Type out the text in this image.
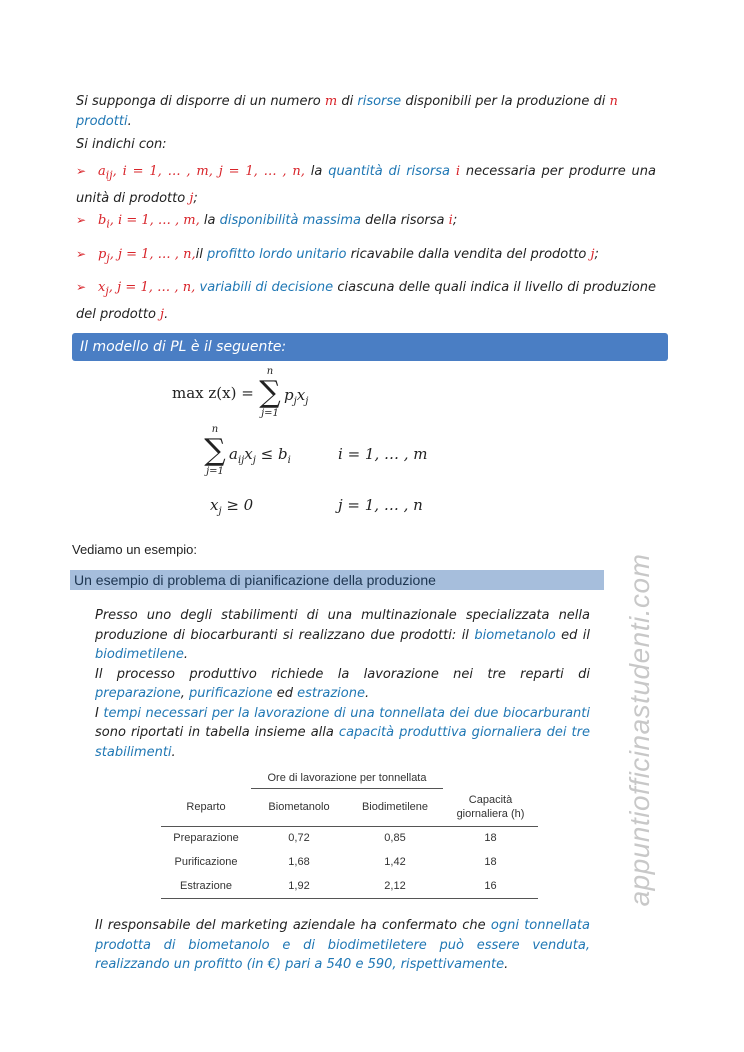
Si supponga di disporre di un numero m di risorse disponibili per la produzione di n
prodotti.
Si indichi con:
➢ $a_{ij}$, i = 1, … , m, j = 1, … , n, la quantità di risorsa i necessaria per produrre una unità di prodotto j;
➢ $b_i$, i = 1, … , m, la disponibilità massima della risorsa i;
➢ $p_j$, j = 1, … , n,il profitto lordo unitario ricavabile dalla vendita del prodotto j;
➢ $x_j$, j = 1, … , n, variabili di decisione ciascuna delle quali indica il livello di produzione del prodotto j.
Il modello di PL è il seguente:
max z(x) =
n
∑
j=1
$p_jx_j$
n
∑
j=1
$a_{ij}x_j \le b_i$	i = 1, … , m
$x_j \ge 0$	j = 1, … , n
Vediamo un esempio:
Un esempio di problema di pianificazione della produzione
Presso uno degli stabilimenti di una multinazionale specializzata nella produzione di biocarburanti si realizzano due prodotti: il biometanolo ed il biodimetilene.
Il processo produttivo richiede la lavorazione nei tre reparti di preparazione, purificazione ed estrazione.
I tempi necessari per la lavorazione di una tonnellata dei due biocarburanti sono riportati in tabella insieme alla capacità produttiva giornaliera dei tre stabilimenti.
	Ore di lavorazione per tonnellata		
Reparto	Biometanolo	Biodimetilene	Capacità giornaliera (h)
Preparazione	0,72	0,85	18
Purificazione	1,68	1,42	18
Estrazione	1,92	2,12	16
Il responsabile del marketing aziendale ha confermato che ogni tonnellata prodotta di biometanolo e di biodimetiletere può essere venduta, realizzando un profitto (in €) pari a 540 e 590, rispettivamente.
appuntiofficinastudenti.com
